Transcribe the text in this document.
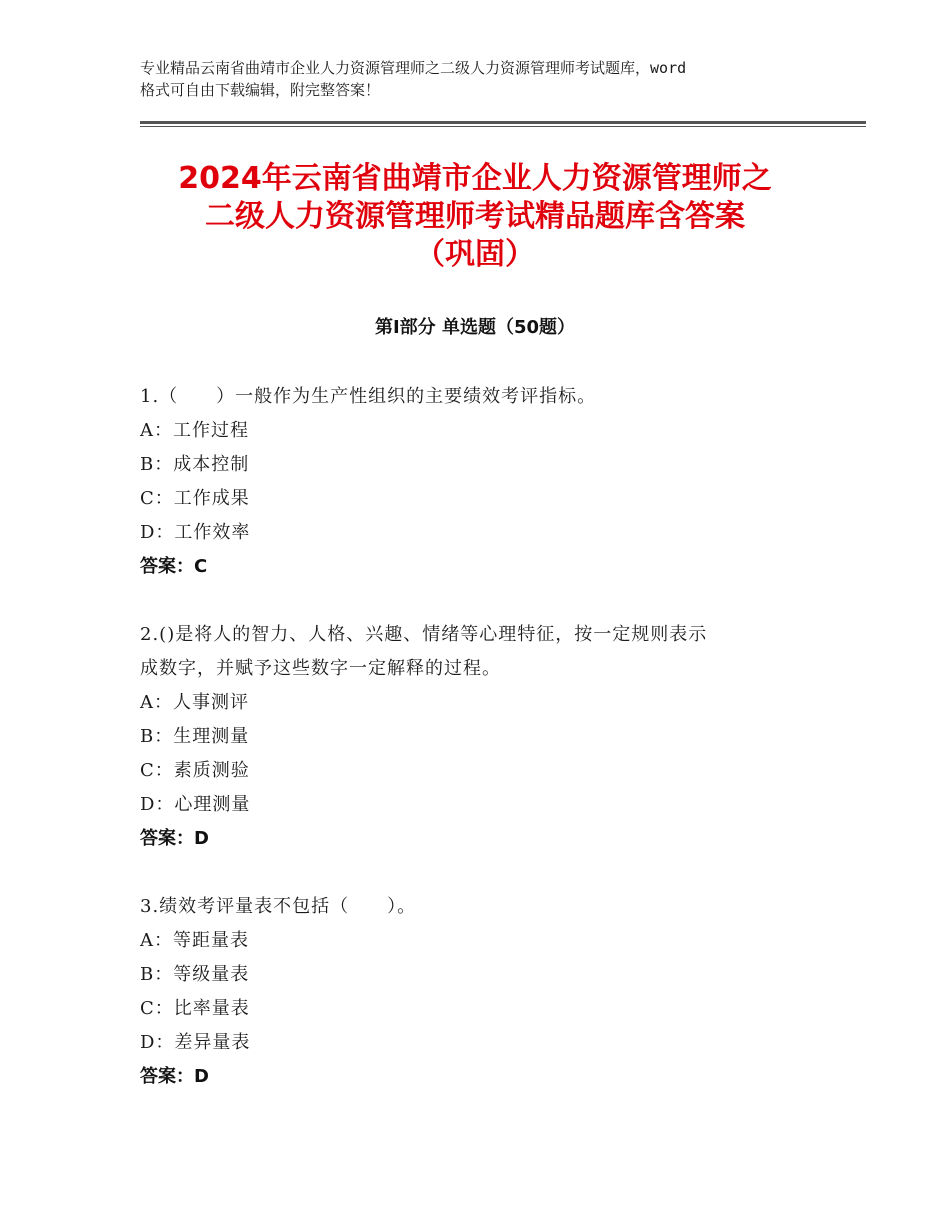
专业精品云南省曲靖市企业人力资源管理师之二级人力资源管理师考试题库，word
格式可自由下载编辑，附完整答案！
2024年云南省曲靖市企业人力资源管理师之
二级人力资源管理师考试精品题库含答案
（巩固）
第Ⅰ部分 单选题（50题）
1.（　　）一般作为生产性组织的主要绩效考评指标。
A：工作过程
B：成本控制
C：工作成果
D：工作效率
答案：C
2.()是将人的智力、人格、兴趣、情绪等心理特征，按一定规则表示
成数字，并赋予这些数字一定解释的过程。
A：人事测评
B：生理测量
C：素质测验
D：心理测量
答案：D
3.绩效考评量表不包括（　　）。
A：等距量表
B：等级量表
C：比率量表
D：差异量表
答案：D
